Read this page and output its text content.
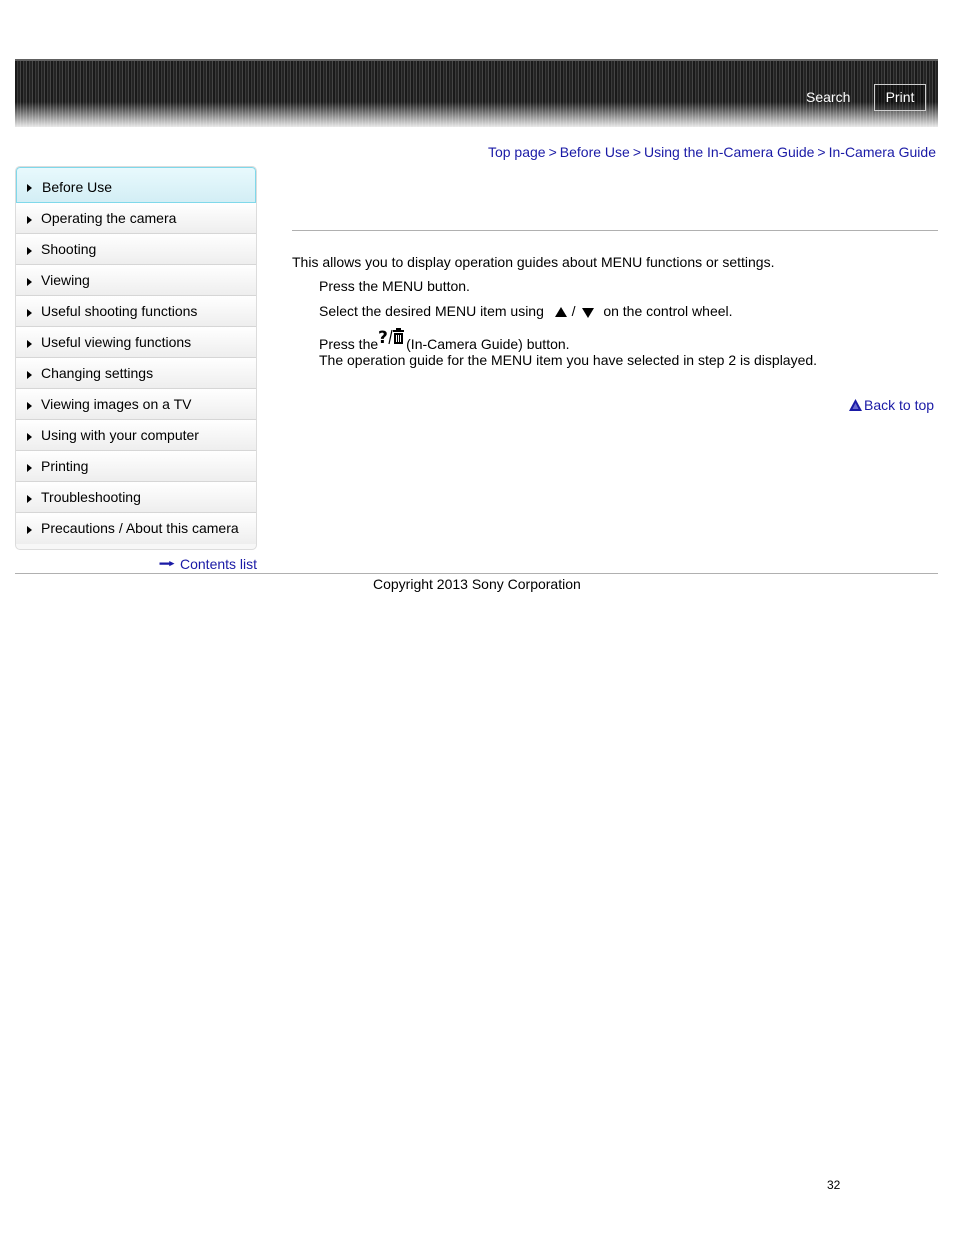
Search	Print
Top page > Before Use > Using the In-Camera Guide > In-Camera Guide
Before Use
Operating the camera
Shooting
Viewing
Useful shooting functions
Useful viewing functions
Changing settings
Viewing images on a TV
Using with your computer
Printing
Troubleshooting
Precautions / About this camera
Contents list
This allows you to display operation guides about MENU functions or settings.
Press the MENU button.
Select the desired MENU item using / on the control wheel.
Press the ? (In-Camera Guide) button.
The operation guide for the MENU item you have selected in step 2 is displayed.
Back to top
Copyright 2013 Sony Corporation
32
